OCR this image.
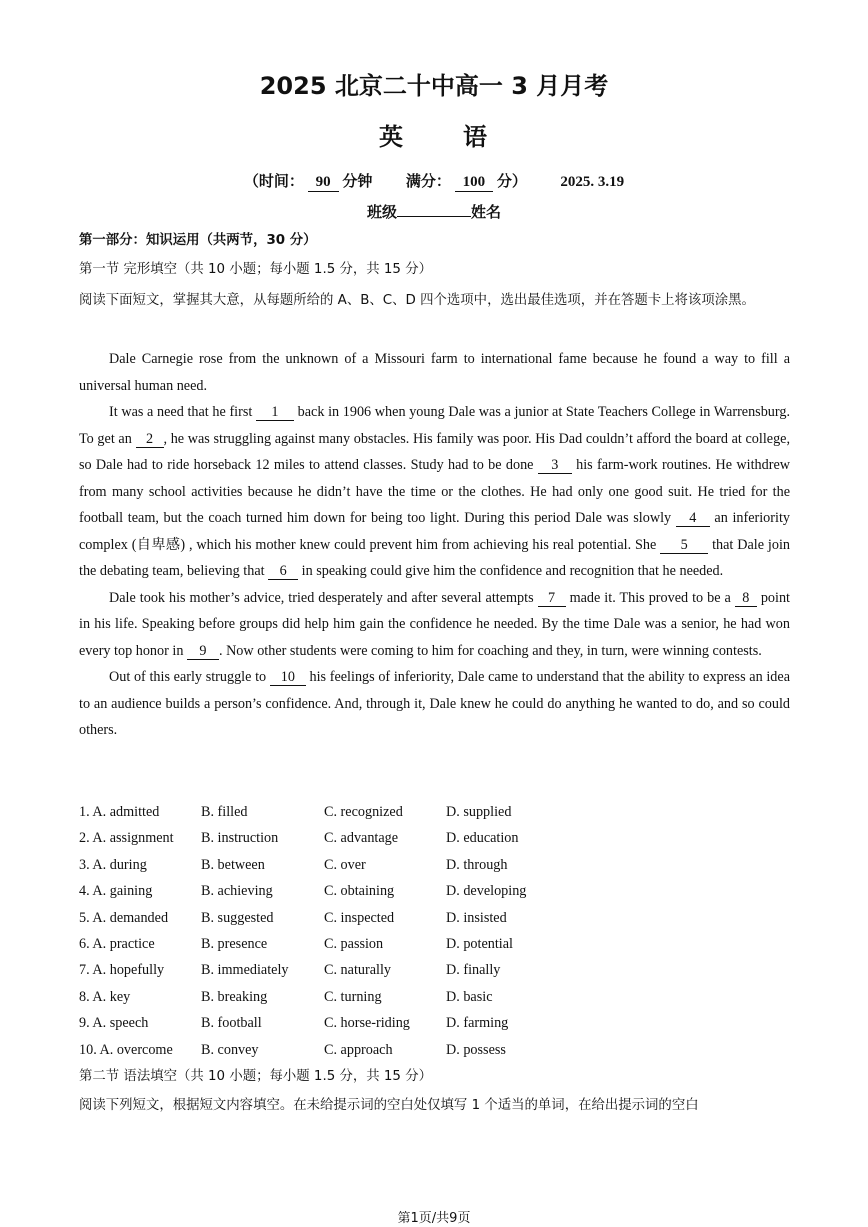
2025 北京二十中高一 3 月月考
英 语
（时间： 90 分钟 满分： 100 分） 2025. 3.19
班级	姓名
第一部分：知识运用（共两节，30 分）
第一节 完形填空（共 10 小题；每小题 1.5 分，共 15 分）
阅读下面短文，掌握其大意，从每题所给的 A、B、C、D 四个选项中，选出最佳选项，并在答题卡上将该项涂黑。

Dale Carnegie rose from the unknown of a Missouri farm to international fame because he found a way to fill a universal human need.

It was a need that he first 1 back in 1906 when young Dale was a junior at State Teachers College in Warrensburg. To get an 2 , he was struggling against many obstacles. His family was poor. His Dad couldn’t afford the board at college, so Dale had to ride horseback 12 miles to attend classes. Study had to be done 3 his farm-work routines. He withdrew from many school activities because he didn’t have the time or the clothes. He had only one good suit. He tried for the football team, but the coach turned him down for being too light. During this period Dale was slowly 4 an inferiority complex (自卑感) , which his mother knew could prevent him from achieving his real potential. She 5 that Dale join the debating team, believing that 6 in speaking could give him the confidence and recognition that he needed.

Dale took his mother’s advice, tried desperately and after several attempts 7 made it. This proved to be a 8 point in his life. Speaking before groups did help him gain the confidence he needed. By the time Dale was a senior, he had won every top honor in 9 . Now other students were coming to him for coaching and they, in turn, were winning contests.

Out of this early struggle to 10 his feelings of inferiority, Dale came to understand that the ability to express an idea to an audience builds a person’s confidence. And, through it, Dale knew he could do anything he wanted to do, and so could others.

1. A. admitted	B. filled	C. recognized	D. supplied
2. A. assignment B. instruction	C. advantage	D. education
3. A. during	B. between	C. over	D. through
4. A. gaining	B. achieving	C. obtaining	D. developing
5. A. demanded B. suggested	C. inspected	D. insisted
6. A. practice	B. presence	C. passion	D. potential
7. A. hopefully	B. immediately	C. naturally	D. finally
8. A. key	B. breaking	C. turning	D. basic
9. A. speech	B. football	C. horse-riding	D. farming
10. A. overcome B. convey	C. approach	D. possess
第二节 语法填空（共 10 小题；每小题 1.5 分，共 15 分）
阅读下列短文，根据短文内容填空。在未给提示词的空白处仅填写 1 个适当的单词，在给出提示词的空白
第1页/共9页
